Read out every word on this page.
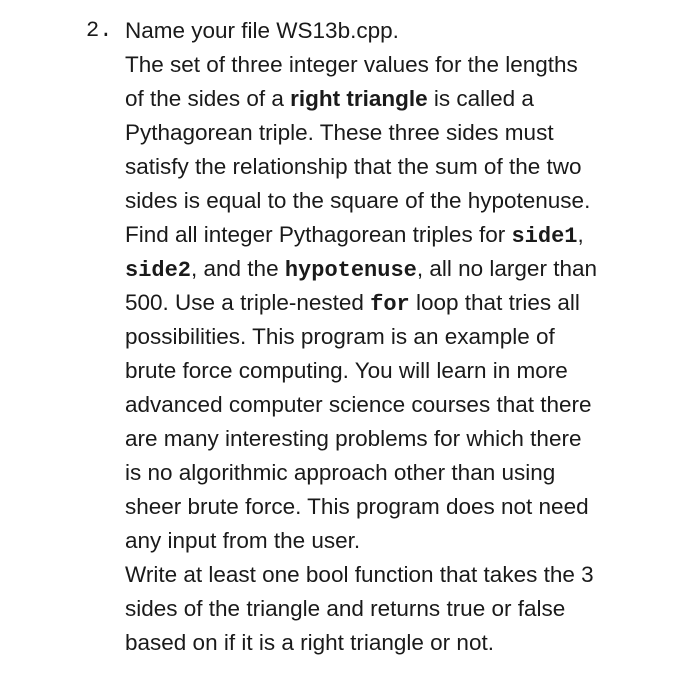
2. Name your file WS13b.cpp.
The set of three integer values for the lengths
of the sides of a right triangle is called a
Pythagorean triple. These three sides must
satisfy the relationship that the sum of the two
sides is equal to the square of the hypotenuse.
Find all integer Pythagorean triples for side1,
side2, and the hypotenuse, all no larger than
500. Use a triple-nested for loop that tries all
possibilities. This program is an example of
brute force computing. You will learn in more
advanced computer science courses that there
are many interesting problems for which there
is no algorithmic approach other than using
sheer brute force. This program does not need
any input from the user.
Write at least one bool function that takes the 3
sides of the triangle and returns true or false
based on if it is a right triangle or not.
